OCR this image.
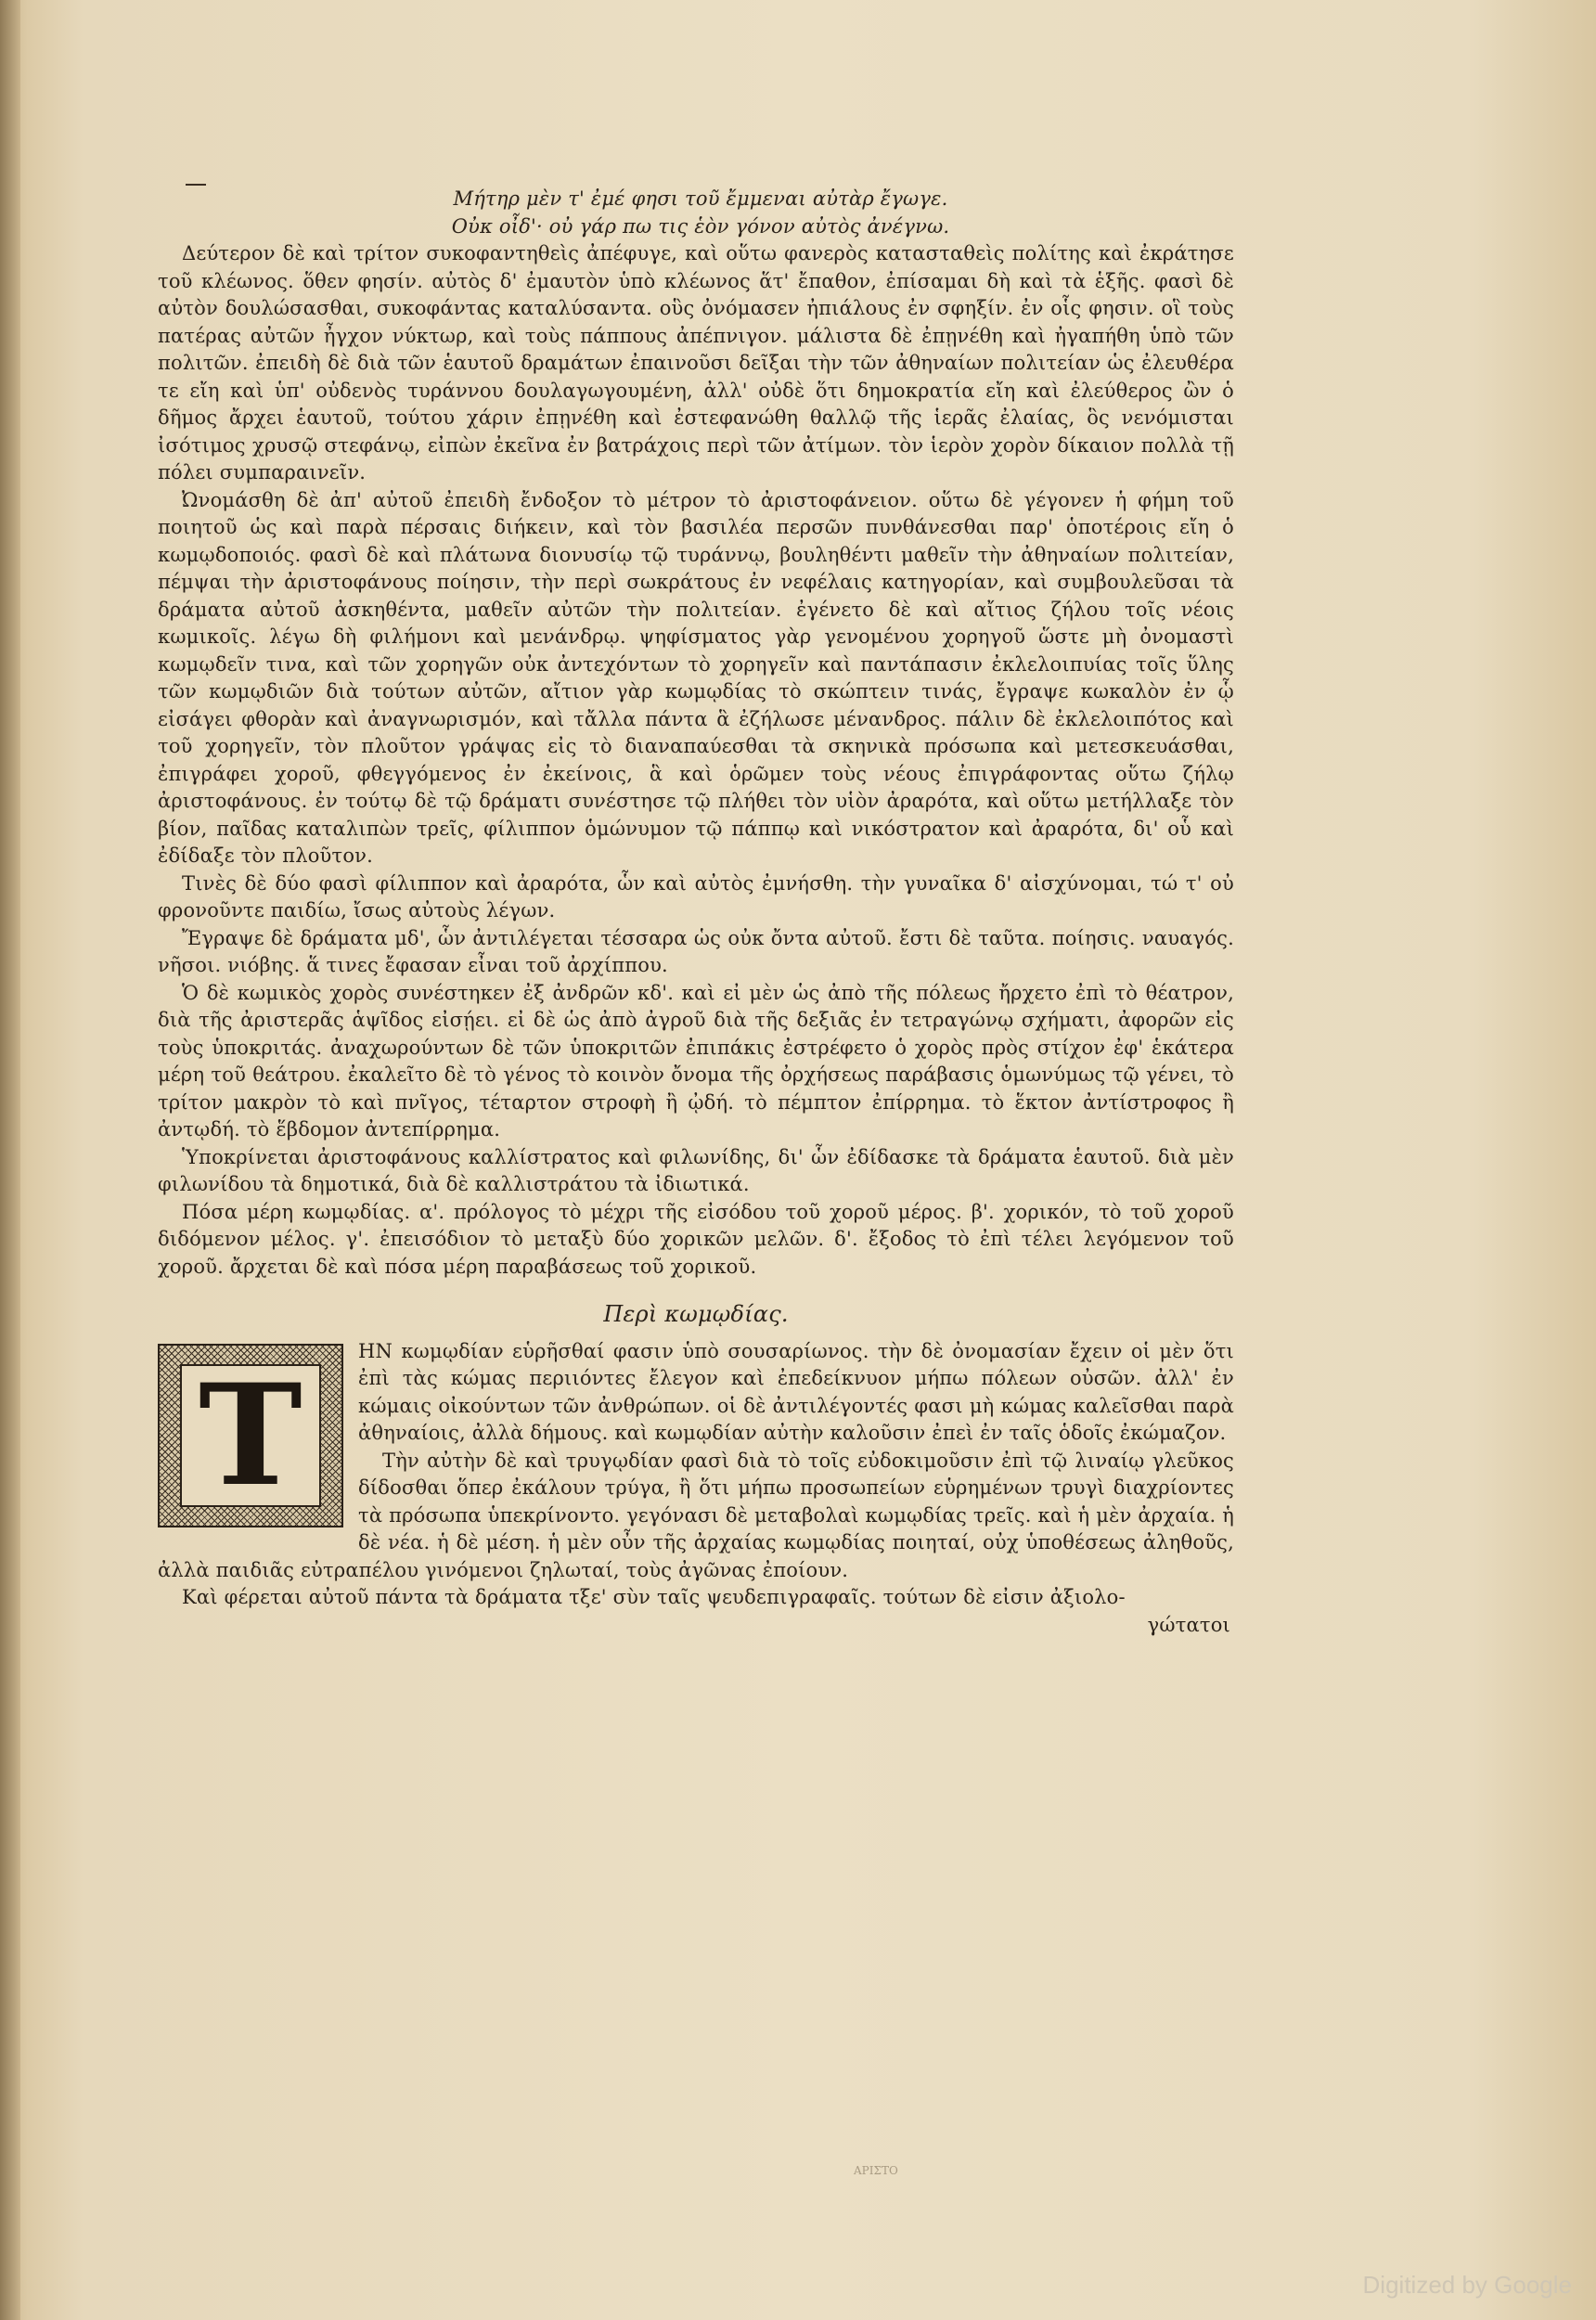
Μήτηρ μὲν τ' ἐμέ φησι τοῦ ἔμμεναι αὐτὰρ ἔγωγε.

Οὐκ οἶδ'· οὐ γάρ πω τις ἑὸν γόνον αὐτὸς ἀνέγνω.

Δεύτερον δὲ καὶ τρίτον συκοφαντηθεὶς ἀπέφυγε, καὶ οὕτω φανερὸς κατασταθεὶς πολίτης καὶ ἐκράτησε τοῦ κλέωνος. ὅθεν φησίν. αὐτὸς δ' ἐμαυτὸν ὑπὸ κλέωνος ἅτ' ἔπαθον, ἐπίσαμαι δὴ καὶ τὰ ἑξῆς. φασὶ δὲ αὐτὸν δουλώσασθαι, συκοφάντας καταλύσαντα. οὓς ὀνόμασεν ἠπιάλους ἐν σφηξίν. ἐν οἷς φησιν. οἳ τοὺς πατέρας αὐτῶν ἦγχον νύκτωρ, καὶ τοὺς πάππους ἀπέπνιγον. μάλιστα δὲ ἐπῃνέθη καὶ ἠγαπήθη ὑπὸ τῶν πολιτῶν. ἐπειδὴ δὲ διὰ τῶν ἑαυτοῦ δραμάτων ἐπαινοῦσι δεῖξαι τὴν τῶν ἀθηναίων πολιτείαν ὡς ἐλευθέρα τε εἴη καὶ ὑπ' οὐδενὸς τυράννου δουλαγωγουμένη, ἀλλ' οὐδὲ ὅτι δημοκρατία εἴη καὶ ἐλεύθερος ὢν ὁ δῆμος ἄρχει ἑαυτοῦ, τούτου χάριν ἐπῃνέθη καὶ ἐστεφανώθη θαλλῷ τῆς ἱερᾶς ἐλαίας, ὃς νενόμισται ἰσότιμος χρυσῷ στεφάνῳ, εἰπὼν ἐκεῖνα ἐν βατράχοις περὶ τῶν ἀτίμων. τὸν ἱερὸν χορὸν δίκαιον πολλὰ τῇ πόλει συμπαραινεῖν.

Ὠνομάσθη δὲ ἀπ' αὐτοῦ ἐπειδὴ ἔνδοξον τὸ μέτρον τὸ ἀριστοφάνειον. οὕτω δὲ γέγονεν ἡ φήμη τοῦ ποιητοῦ ὡς καὶ παρὰ πέρσαις διήκειν, καὶ τὸν βασιλέα περσῶν πυνθάνεσθαι παρ' ὁποτέροις εἴη ὁ κωμῳδοποιός. φασὶ δὲ καὶ πλάτωνα διονυσίῳ τῷ τυράννῳ, βουληθέντι μαθεῖν τὴν ἀθηναίων πολιτείαν, πέμψαι τὴν ἀριστοφάνους ποίησιν, τὴν περὶ σωκράτους ἐν νεφέλαις κατηγορίαν, καὶ συμβουλεῦσαι τὰ δράματα αὐτοῦ ἀσκηθέντα, μαθεῖν αὐτῶν τὴν πολιτείαν. ἐγένετο δὲ καὶ αἴτιος ζήλου τοῖς νέοις κωμικοῖς. λέγω δὴ φιλήμονι καὶ μενάνδρῳ. ψηφίσματος γὰρ γενομένου χορηγοῦ ὥστε μὴ ὀνομαστὶ κωμῳδεῖν τινα, καὶ τῶν χορηγῶν οὐκ ἀντεχόντων τὸ χορηγεῖν καὶ παντάπασιν ἐκλελοιπυίας τοῖς ὕλης τῶν κωμῳδιῶν διὰ τούτων αὐτῶν, αἴτιον γὰρ κωμῳδίας τὸ σκώπτειν τινάς, ἔγραψε κωκαλὸν ἐν ᾧ εἰσάγει φθορὰν καὶ ἀναγνωρισμόν, καὶ τἄλλα πάντα ἃ ἐζήλωσε μένανδρος. πάλιν δὲ ἐκλελοιπότος καὶ τοῦ χορηγεῖν, τὸν πλοῦτον γράψας εἰς τὸ διαναπαύεσθαι τὰ σκηνικὰ πρόσωπα καὶ μετεσκευάσθαι, ἐπιγράφει χοροῦ, φθεγγόμενος ἐν ἐκείνοις, ἃ καὶ ὁρῶμεν τοὺς νέους ἐπιγράφοντας οὕτω ζήλῳ ἀριστοφάνους. ἐν τούτῳ δὲ τῷ δράματι συνέστησε τῷ πλήθει τὸν υἱὸν ἀραρότα, καὶ οὕτω μετήλλαξε τὸν βίον, παῖδας καταλιπὼν τρεῖς, φίλιππον ὁμώνυμον τῷ πάππῳ καὶ νικόστρατον καὶ ἀραρότα, δι' οὗ καὶ ἐδίδαξε τὸν πλοῦτον.

Τινὲς δὲ δύο φασὶ φίλιππον καὶ ἀραρότα, ὧν καὶ αὐτὸς ἐμνήσθη. τὴν γυναῖκα δ' αἰσχύνομαι, τώ τ' οὐ φρονοῦντε παιδίω, ἴσως αὐτοὺς λέγων.

Ἔγραψε δὲ δράματα μδ', ὧν ἀντιλέγεται τέσσαρα ὡς οὐκ ὄντα αὐτοῦ. ἔστι δὲ ταῦτα. ποίησις. ναυαγός. νῆσοι. νιόβης. ἅ τινες ἔφασαν εἶναι τοῦ ἀρχίππου.

Ὁ δὲ κωμικὸς χορὸς συνέστηκεν ἐξ ἀνδρῶν κδ'. καὶ εἰ μὲν ὡς ἀπὸ τῆς πόλεως ἤρχετο ἐπὶ τὸ θέατρον, διὰ τῆς ἀριστερᾶς ἁψῖδος εἰσῄει. εἰ δὲ ὡς ἀπὸ ἀγροῦ διὰ τῆς δεξιᾶς ἐν τετραγώνῳ σχήματι, ἀφορῶν εἰς τοὺς ὑποκριτάς. ἀναχωρούντων δὲ τῶν ὑποκριτῶν ἐπιπάκις ἐστρέφετο ὁ χορὸς πρὸς στίχον ἐφ' ἑκάτερα μέρη τοῦ θεάτρου. ἐκαλεῖτο δὲ τὸ γένος τὸ κοινὸν ὄνομα τῆς ὀρχήσεως παράβασις ὁμωνύμως τῷ γένει, τὸ τρίτον μακρὸν τὸ καὶ πνῖγος, τέταρτον στροφὴ ἢ ᾠδή. τὸ πέμπτον ἐπίρρημα. τὸ ἕκτον ἀντίστροφος ἢ ἀντῳδή. τὸ ἕβδομον ἀντεπίρρημα.

Ὑποκρίνεται ἀριστοφάνους καλλίστρατος καὶ φιλωνίδης, δι' ὧν ἐδίδασκε τὰ δράματα ἑαυτοῦ. διὰ μὲν φιλωνίδου τὰ δημοτικά, διὰ δὲ καλλιστράτου τὰ ἰδιωτικά.

Πόσα μέρη κωμῳδίας. α'. πρόλογος τὸ μέχρι τῆς εἰσόδου τοῦ χοροῦ μέρος. β'. χορικόν, τὸ τοῦ χοροῦ διδόμενον μέλος. γ'. ἐπεισόδιον τὸ μεταξὺ δύο χορικῶν μελῶν. δ'. ἔξοδος τὸ ἐπὶ τέλει λεγόμενον τοῦ χοροῦ. ἄρχεται δὲ καὶ πόσα μέρη παραβάσεως τοῦ χορικοῦ.

Περὶ κωμῳδίας.

Τ

ΗΝ κωμῳδίαν εὑρῆσθαί φασιν ὑπὸ σουσαρίωνος. τὴν δὲ ὀνομασίαν ἔχειν οἱ μὲν ὅτι ἐπὶ τὰς κώμας περιιόντες ἔλεγον καὶ ἐπεδείκνυον μήπω πόλεων οὐσῶν. ἀλλ' ἐν κώμαις οἰκούντων τῶν ἀνθρώπων. οἱ δὲ ἀντιλέγοντές φασι μὴ κώμας καλεῖσθαι παρὰ ἀθηναίοις, ἀλλὰ δήμους. καὶ κωμῳδίαν αὐτὴν καλοῦσιν ἐπεὶ ἐν ταῖς ὁδοῖς ἐκώμαζον.

Τὴν αὐτὴν δὲ καὶ τρυγῳδίαν φασὶ διὰ τὸ τοῖς εὐδοκιμοῦσιν ἐπὶ τῷ λιναίῳ γλεῦκος δίδοσθαι ὅπερ ἐκάλουν τρύγα, ἢ ὅτι μήπω προσωπείων εὑρημένων τρυγὶ διαχρίοντες τὰ πρόσωπα ὑπεκρίνοντο. γεγόνασι δὲ μεταβολαὶ κωμῳδίας τρεῖς. καὶ ἡ μὲν ἀρχαία. ἡ δὲ νέα. ἡ δὲ μέση. ἡ μὲν οὖν τῆς ἀρχαίας κωμῳδίας ποιηταί, οὐχ ὑποθέσεως ἀληθοῦς, ἀλλὰ παιδιᾶς εὐτραπέλου γινόμενοι ζηλωταί, τοὺς ἀγῶνας ἐποίουν.

Καὶ φέρεται αὐτοῦ πάντα τὰ δράματα τξε' σὺν ταῖς ψευδεπιγραφαῖς. τούτων δὲ εἰσιν ἀξιολο-

γώτατοι

ΑΡΙΣΤΟ
Digitized by Google
